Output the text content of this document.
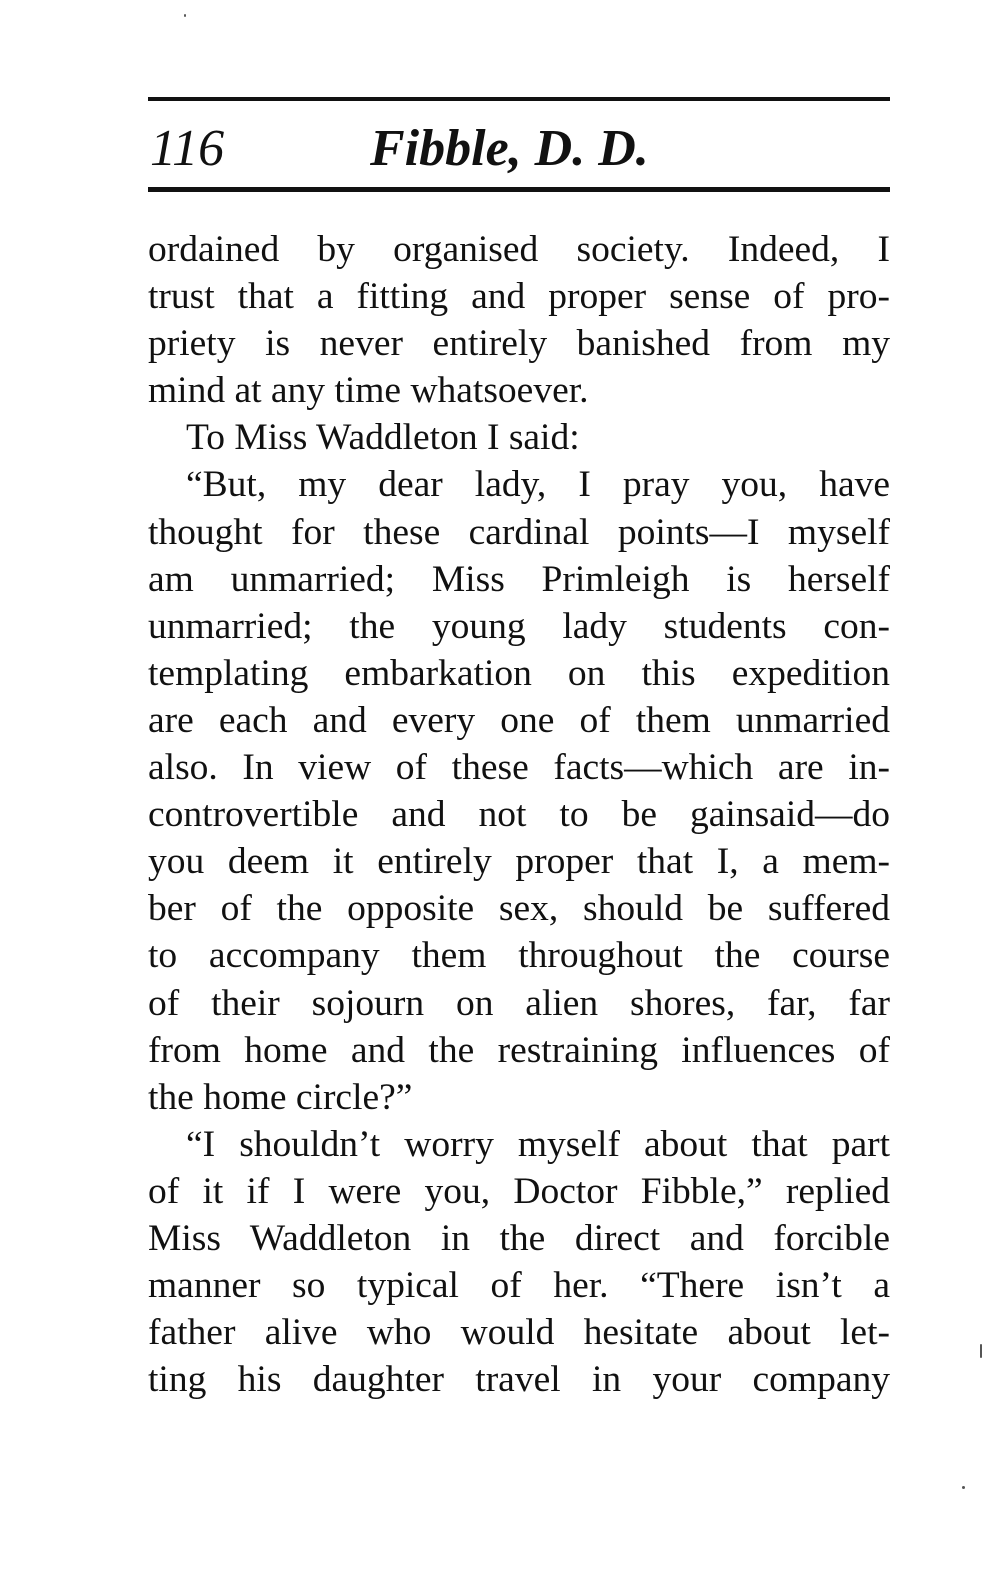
116	Fibble, D. D.
ordained by organised society. Indeed, I
trust that a fitting and proper sense of pro-
priety is never entirely banished from my
mind at any time whatsoever.
To Miss Waddleton I said:
“But, my dear lady, I pray you, have
thought for these cardinal points—I myself
am unmarried; Miss Primleigh is herself
unmarried; the young lady students con-
templating embarkation on this expedition
are each and every one of them unmarried
also. In view of these facts—which are in-
controvertible and not to be gainsaid—do
you deem it entirely proper that I, a mem-
ber of the opposite sex, should be suffered
to accompany them throughout the course
of their sojourn on alien shores, far, far
from home and the restraining influences of
the home circle?”
“I shouldn’t worry myself about that part
of it if I were you, Doctor Fibble,” replied
Miss Waddleton in the direct and forcible
manner so typical of her. “There isn’t a
father alive who would hesitate about let-
ting his daughter travel in your company
